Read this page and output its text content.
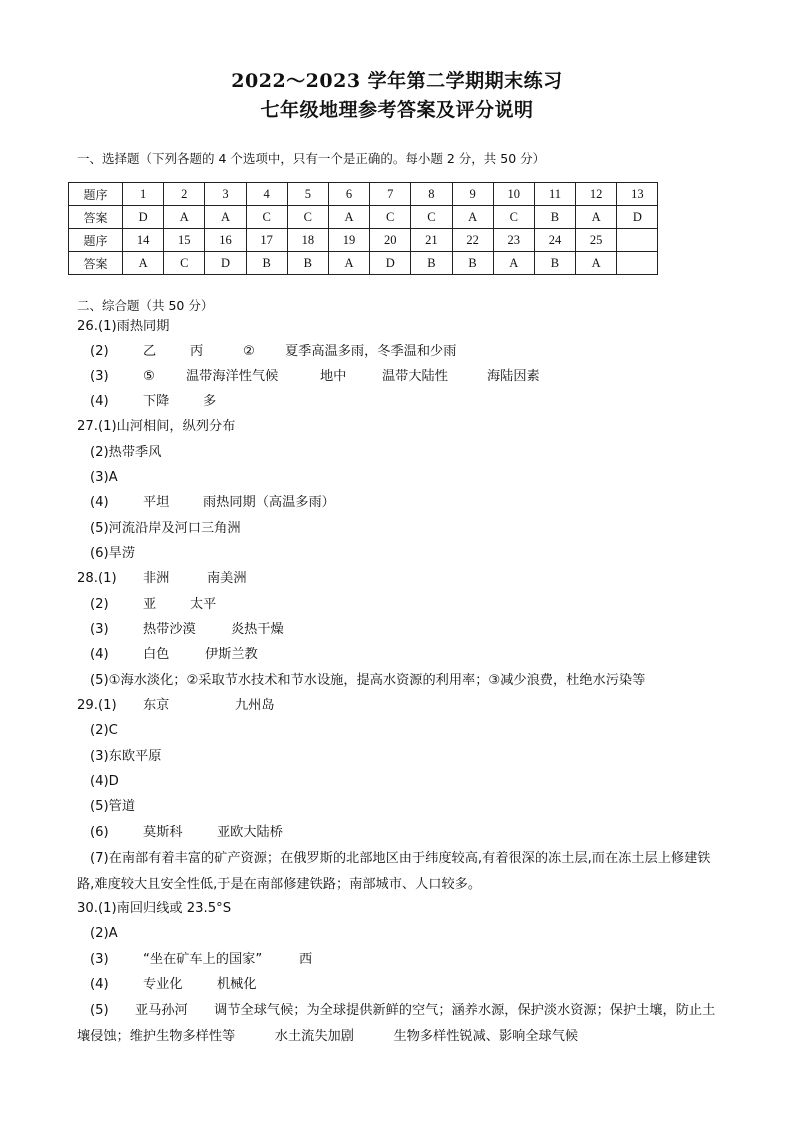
2022～2023 学年第二学期期末练习
七年级地理参考答案及评分说明
一、选择题（下列各题的 4 个选项中，只有一个是正确的。每小题 2 分，共 50 分）
题序	1	2	3	4	5	6	7	8	9	10	11	12	13
答案	D	A	A	C	C	A	C	C	A	C	B	A	D
题序	14	15	16	17	18	19	20	21	22	23	24	25	
答案	A	C	D	B	B	A	D	B	B	A	B	A	
二、综合题（共 50 分）
26.(1)雨热同期
(2)	乙	丙	② 夏季高温多雨，冬季温和少雨
(3)	⑤ 温带海洋性气候	地中	温带大陆性	海陆因素
(4)	下降	多
27.(1)山河相间，纵列分布
(2)热带季风
(3)A
(4)	平坦	雨热同期（高温多雨）
(5)河流沿岸及河口三角洲
(6)旱涝
28.(1) 非洲	南美洲
(2)	亚	太平
(3)	热带沙漠	炎热干燥
(4)	白色	伊斯兰教
(5)①海水淡化；②采取节水技术和节水设施，提高水资源的利用率；③减少浪费，杜绝水污染等
29.(1) 东京	九州岛
(2)C
(3)东欧平原
(4)D
(5)管道
(6)	莫斯科	亚欧大陆桥
(7)在南部有着丰富的矿产资源；在俄罗斯的北部地区由于纬度较高,有着很深的冻土层,而在冻土层上修建铁路,难度较大且安全性低,于是在南部修建铁路；南部城市、人口较多。
30.(1)南回归线或 23.5°S
(2)A
(3)	“坐在矿车上的国家”	西
(4)	专业化	机械化
(5)　　亚马孙河　　调节全球气候；为全球提供新鲜的空气；涵养水源，保护淡水资源；保护土壤，防止土壤侵蚀；维护生物多样性等　　　水土流失加剧　　　生物多样性锐减、影响全球气候
